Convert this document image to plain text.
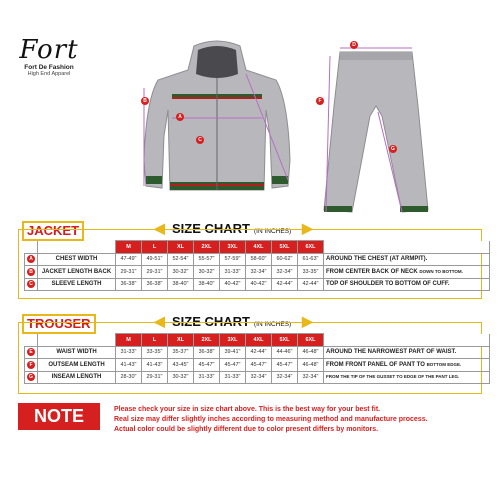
Fort
Fort De Fashion
High End Apparel
B
A
C
D
F
G
JACKET	◀ SIZE CHART (IN INCHES) ▶
		M	L	XL	2XL	3XL	4XL	5XL	6XL	
A	CHEST WIDTH	47-49"	49-51"	52-54"	55-57"	57-59"	58-60"	60-62"	61-63"	AROUND THE CHEST (AT ARMPIT).
B	JACKET LENGTH BACK	29-31"	29-31"	30-32"	30-32"	31-33"	32-34"	32-34"	33-35"	FROM CENTER BACK OF NECK DOWN TO BOTTOM.
C	SLEEVE LENGTH	36-38"	36-38"	38-40"	38-40"	40-42"	40-42"	42-44"	42-44"	TOP OF SHOULDER TO BOTTOM OF CUFF.
TROUSER	◀ SIZE CHART (IN INCHES) ▶
		M	L	XL	2XL	3XL	4XL	5XL	6XL	
E	WAIST WIDTH	31-33"	33-35"	35-37"	36-38"	39-41"	42-44"	44-46"	46-48"	AROUND THE NARROWEST PART OF WAIST.
F	OUTSEAM LENGTH	41-43"	41-43"	43-45"	45-47"	45-47"	45-47"	45-47"	46-48"	FROM FRONT PANEL OF PANT TO BOTTOM EDGE.
G	INSEAM LENGTH	28-30"	29-31"	30-32"	31-33"	31-33"	32-34"	32-34"	32-34"	FROM THE TIP OF THE GUSSET TO EDGE OF THE PANT LEG.
NOTE	Please check your size in size chart above. This is the best way for your best fit.
Real size may differ slightly inches according to measuring method and manufacture process.
Actual color could be slightly different due to color present differs by monitors.
